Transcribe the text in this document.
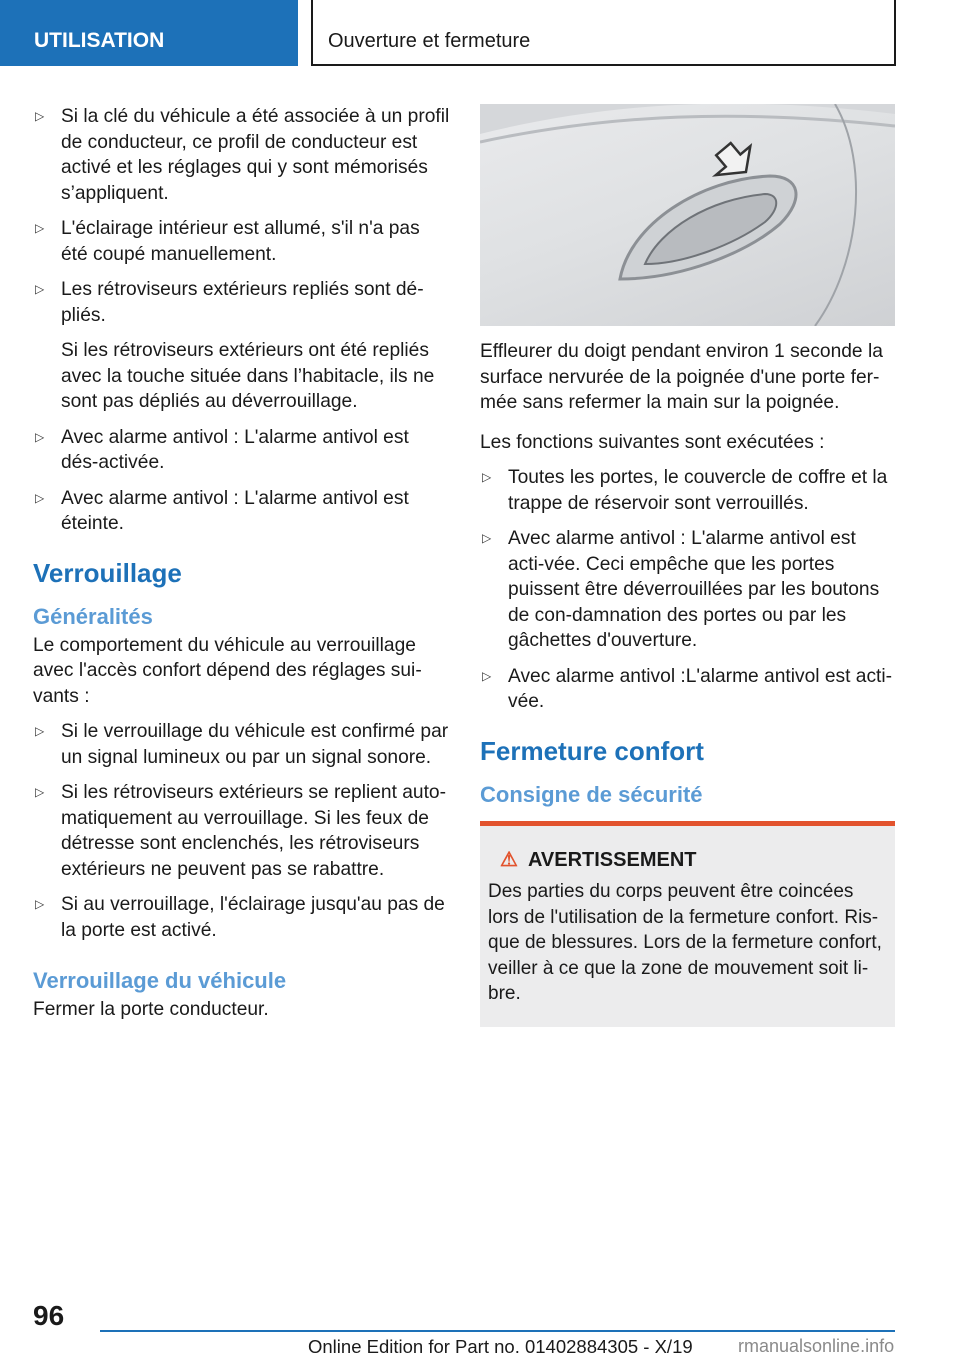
UTILISATION	Ouverture et fermeture
▷ Si la clé du véhicule a été associée à un profil de conducteur, ce profil de conducteur est activé et les réglages qui y sont mémorisés s’appliquent.
▷ L'éclairage intérieur est allumé, s'il n'a pas été coupé manuellement.
▷ Les rétroviseurs extérieurs repliés sont dé-pliés.

Si les rétroviseurs extérieurs ont été repliés avec la touche située dans l’habitacle, ils ne sont pas dépliés au déverrouillage.

▷ Avec alarme antivol : L'alarme antivol est dés-activée.
▷ Avec alarme antivol : L'alarme antivol est éteinte.
Verrouillage
Généralités

Le comportement du véhicule au verrouillage avec l'accès confort dépend des réglages sui-vants :

▷ Si le verrouillage du véhicule est confirmé par un signal lumineux ou par un signal sonore.
▷ Si les rétroviseurs extérieurs se replient auto-matiquement au verrouillage. Si les feux de détresse sont enclenchés, les rétroviseurs extérieurs ne peuvent pas se rabattre.
▷ Si au verrouillage, l'éclairage jusqu'au pas de la porte est activé.
Verrouillage du véhicule

Fermer la porte conducteur.

Effleurer du doigt pendant environ 1 seconde la surface nervurée de la poignée d'une porte fer-mée sans refermer la main sur la poignée.

Les fonctions suivantes sont exécutées :

▷ Toutes les portes, le couvercle de coffre et la trappe de réservoir sont verrouillés.
▷ Avec alarme antivol : L'alarme antivol est acti-vée. Ceci empêche que les portes puissent être déverrouillées par les boutons de con-damnation des portes ou par les gâchettes d'ouverture.
▷ Avec alarme antivol :L'alarme antivol est acti-vée.
Fermeture confort
Consigne de sécurité
⚠ AVERTISSEMENT
Des parties du corps peuvent être coincées lors de l'utilisation de la fermeture confort. Ris-que de blessures. Lors de la fermeture confort, veiller à ce que la zone de mouvement soit li-bre.
96
Online Edition for Part no. 01402884305 - X/19	rmanualsonline.info
